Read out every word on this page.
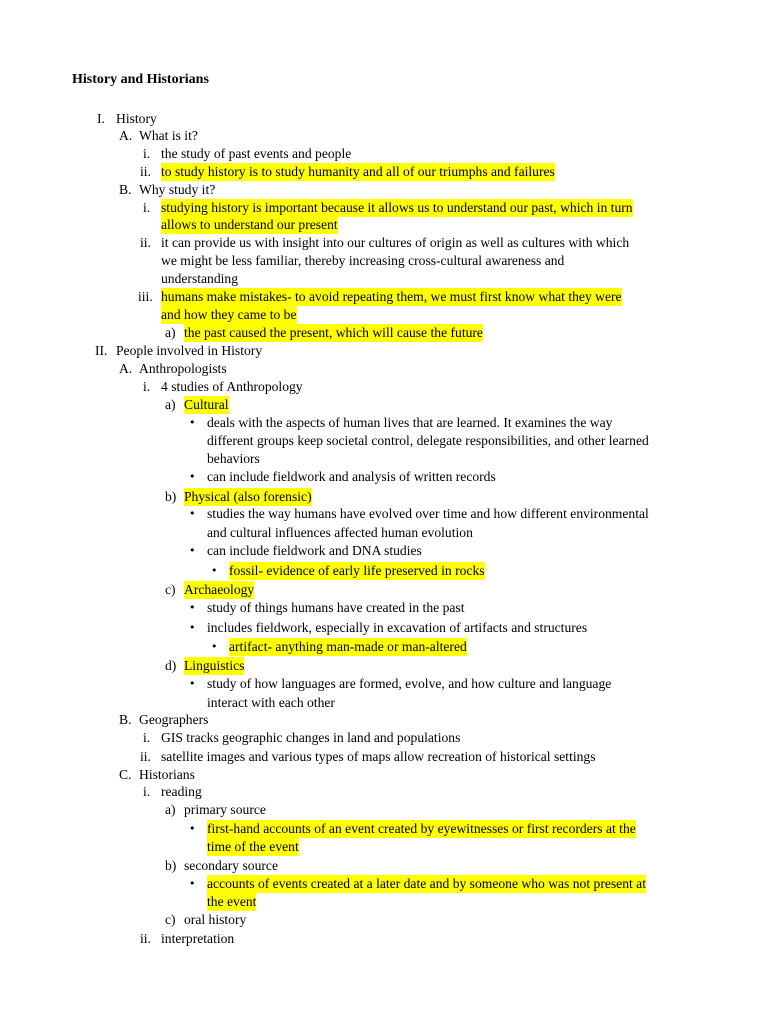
History and Historians
I. History
A. What is it?
i. the study of past events and people
ii. to study history is to study humanity and all of our triumphs and failures
B. Why study it?
i. studying history is important because it allows us to understand our past, which in turn
allows to understand our present
ii. it can provide us with insight into our cultures of origin as well as cultures with which
we might be less familiar, thereby increasing cross-cultural awareness and
understanding
iii. humans make mistakes- to avoid repeating them, we must first know what they were
and how they came to be
a) the past caused the present, which will cause the future
II. People involved in History
A. Anthropologists
i. 4 studies of Anthropology
a) Cultural
• deals with the aspects of human lives that are learned. It examines the way
different groups keep societal control, delegate responsibilities, and other learned
behaviors
• can include fieldwork and analysis of written records
b) Physical (also forensic)
• studies the way humans have evolved over time and how different environmental
and cultural influences affected human evolution
• can include fieldwork and DNA studies
• fossil- evidence of early life preserved in rocks
c) Archaeology
• study of things humans have created in the past
• includes fieldwork, especially in excavation of artifacts and structures
• artifact- anything man-made or man-altered
d) Linguistics
• study of how languages are formed, evolve, and how culture and language
interact with each other
B. Geographers
i. GIS tracks geographic changes in land and populations
ii. satellite images and various types of maps allow recreation of historical settings
C. Historians
i. reading
a) primary source
• first-hand accounts of an event created by eyewitnesses or first recorders at the
time of the event
b) secondary source
• accounts of events created at a later date and by someone who was not present at
the event
c) oral history
ii. interpretation
